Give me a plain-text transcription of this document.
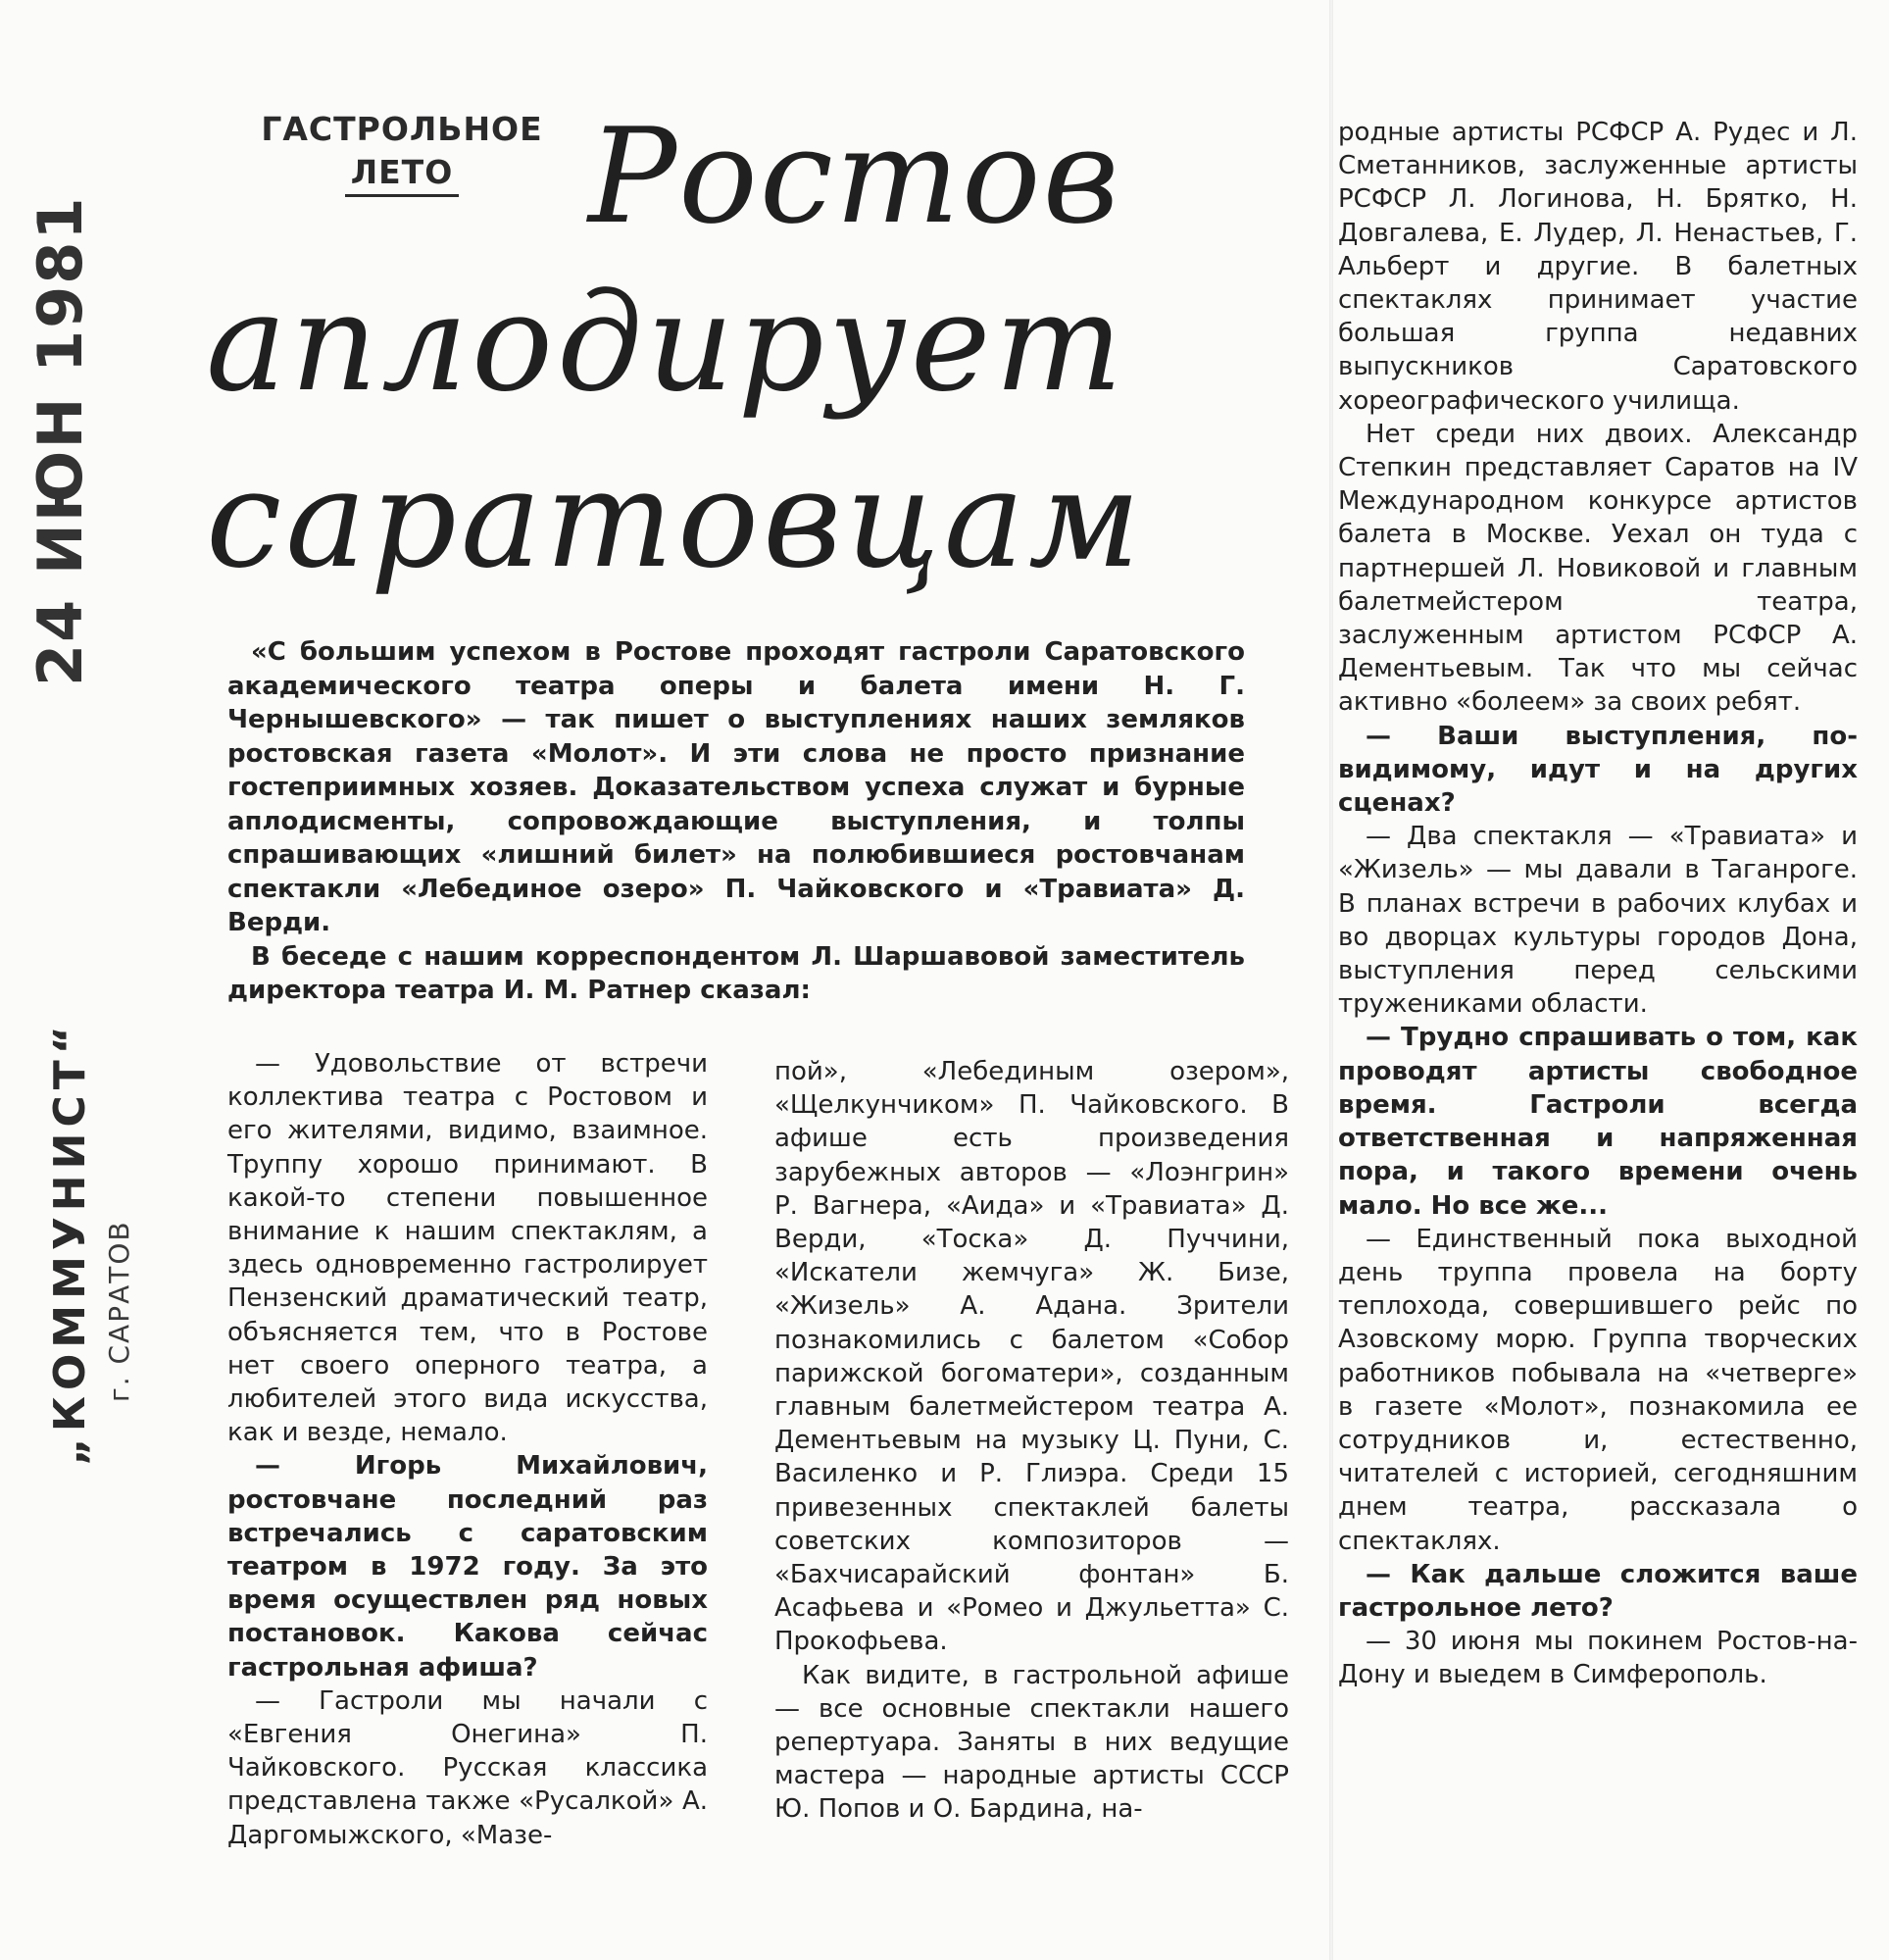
24 ИЮН 1981
„КОММУНИСТ“ г. САРАТОВ
ГАСТРОЛЬНОЕ
ЛЕТО	Ростов
аплодирует
саратовцам

«С большим успехом в Ростове проходят гастроли Саратовского академического театра оперы и балета имени Н. Г. Чернышевского» — так пишет о выступлениях наших земляков ростовская газета «Молот». И эти слова не просто признание гостеприимных хозяев. Доказательством успеха служат и бурные аплодисменты, сопровождающие выступления, и толпы спрашивающих «лишний билет» на полюбившиеся ростовчанам спектакли «Лебединое озеро» П. Чайковского и «Травиата» Д. Верди.

В беседе с нашим корреспондентом Л. Шаршавовой заместитель директора театра И. М. Ратнер сказал:

— Удовольствие от встречи коллектива театра с Ростовом и его жителями, видимо, взаимное. Труппу хорошо принимают. В какой-то степени повышенное внимание к нашим спектаклям, а здесь одновременно гастролирует Пензенский драматический театр, объясняется тем, что в Ростове нет своего оперного театра, а любителей этого вида искусства, как и везде, немало.

— Игорь Михайлович, ростовчане последний раз встречались с саратовским театром в 1972 году. За это время осуществлен ряд новых постановок. Какова сейчас гастрольная афиша?

— Гастроли мы начали с «Евгения Онегина» П. Чайковского. Русская классика представлена также «Русалкой» А. Даргомыжского, «Мазе-

пой», «Лебединым озером», «Щелкунчиком» П. Чайковского. В афише есть произведения зарубежных авторов — «Лоэнгрин» Р. Вагнера, «Аида» и «Травиата» Д. Верди, «Тоска» Д. Пуччини, «Искатели жемчуга» Ж. Бизе, «Жизель» А. Адана. Зрители познакомились с балетом «Собор парижской богоматери», созданным главным балетмейстером театра А. Дементьевым на музыку Ц. Пуни, С. Василенко и Р. Глиэра. Среди 15 привезенных спектаклей балеты советских композиторов — «Бахчисарайский фонтан» Б. Асафьева и «Ромео и Джульетта» С. Прокофьева.

Как видите, в гастрольной афише — все основные спектакли нашего репертуара. Заняты в них ведущие мастера — народные артисты СССР Ю. Попов и О. Бардина, на-

родные артисты РСФСР А. Рудес и Л. Сметанников, заслуженные артисты РСФСР Л. Логинова, Н. Брятко, Н. Довгалева, Е. Лудер, Л. Ненастьев, Г. Альберт и другие. В балетных спектаклях принимает участие большая группа недавних выпускников Саратовского хореографического училища.

Нет среди них двоих. Александр Степкин представляет Саратов на IV Международном конкурсе артистов балета в Москве. Уехал он туда с партнершей Л. Новиковой и главным балетмейстером театра, заслуженным артистом РСФСР А. Дементьевым. Так что мы сейчас активно «болеем» за своих ребят.

— Ваши выступления, по-видимому, идут и на других сценах?

— Два спектакля — «Травиата» и «Жизель» — мы давали в Таганроге. В планах встречи в рабочих клубах и во дворцах культуры городов Дона, выступления перед сельскими тружениками области.

— Трудно спрашивать о том, как проводят артисты свободное время. Гастроли всегда ответственная и напряженная пора, и такого времени очень мало. Но все же...

— Единственный пока выходной день труппа провела на борту теплохода, совершившего рейс по Азовскому морю. Группа творческих работников побывала на «четверге» в газете «Молот», познакомила ее сотрудников и, естественно, читателей с историей, сегодняшним днем театра, рассказала о спектаклях.

— Как дальше сложится ваше гастрольное лето?

— 30 июня мы покинем Ростов-на-Дону и выедем в Симферополь.
